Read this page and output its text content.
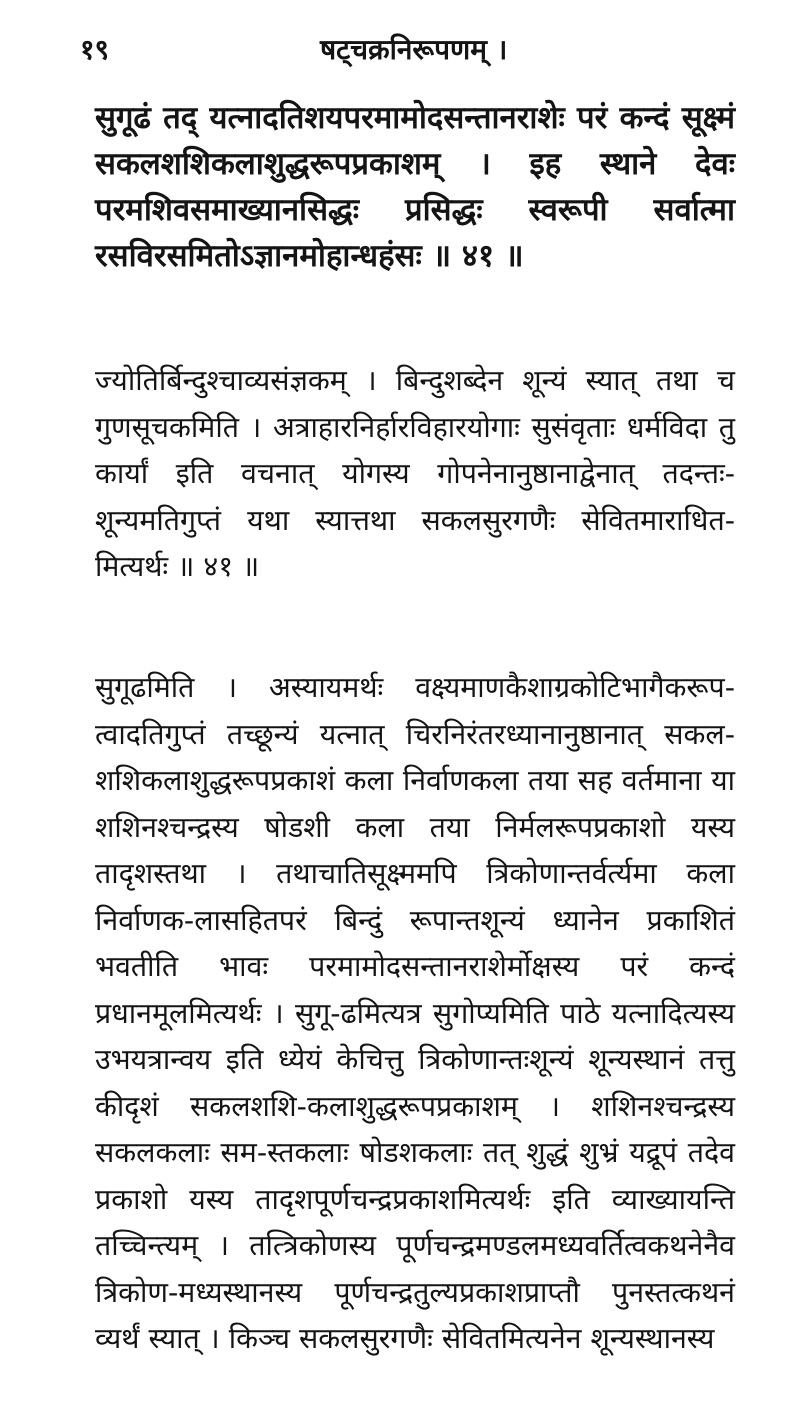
१९	षट्चक्रनिरूपणम् ।

सुगूढं तद् यत्नादतिशयपरमामोदसन्तानराशेः परं कन्दं सूक्ष्मं सकलशशिकलाशुद्धरूपप्रकाशम् । इह स्थाने देवः परमशिवसमाख्यानसिद्धः प्रसिद्धः स्वरूपी सर्वात्मा रसविरसमितोऽज्ञानमोहान्धहंसः ॥ ४१ ॥

ज्योतिर्बिन्दुश्चाव्यसंज्ञकम् । बिन्दुशब्देन शून्यं स्यात् तथा च गुणसूचकमिति । अत्राहारनिर्हारविहारयोगाः सुसंवृताः धर्मविदा तु कार्यां इति वचनात् योगस्य गोपनेनानुष्ठानाद्वेनात् तदन्तः-शून्यमतिगुप्तं यथा स्यात्तथा सकलसुरगणैः सेवितमाराधित-मित्यर्थः ॥ ४१ ॥

सुगूढमिति । अस्यायमर्थः वक्ष्यमाणकैशाग्रकोटिभागैकरूप-त्वादतिगुप्तं तच्छून्यं यत्नात् चिरनिरंतरध्यानानुष्ठानात् सकल-शशिकलाशुद्धरूपप्रकाशं कला निर्वाणकला तया सह वर्तमाना या शशिनश्चन्द्रस्य षोडशी कला तया निर्मलरूपप्रकाशो यस्य तादृशस्तथा । तथाचातिसूक्ष्ममपि त्रिकोणान्तर्वर्त्यमा कला निर्वाणक-लासहितपरं बिन्दुं रूपान्तशून्यं ध्यानेन प्रकाशितं भवतीति भावः परमामोदसन्तानराशेर्मोक्षस्य परं कन्दं प्रधानमूलमित्यर्थः । सुगू-ढमित्यत्र सुगोप्यमिति पाठे यत्नादित्यस्य उभयत्रान्वय इति ध्येयं केचित्तु त्रिकोणान्तःशून्यं शून्यस्थानं तत्तु कीदृशं सकलशशि-कलाशुद्धरूपप्रकाशम् । शशिनश्चन्द्रस्य सकलकलाः सम-स्तकलाः षोडशकलाः तत् शुद्धं शुभ्रं यद्रूपं तदेव प्रकाशो यस्य तादृशपूर्णचन्द्रप्रकाशमित्यर्थः इति व्याख्यायन्ति तच्चिन्त्यम् । तत्त्रिकोणस्य पूर्णचन्द्रमण्डलमध्यवर्तित्वकथनेनैव त्रिकोण-मध्यस्थानस्य पूर्णचन्द्रतुल्यप्रकाशप्राप्तौ पुनस्तत्कथनं व्यर्थं स्यात् । किञ्च सकलसुरगणैः सेवितमित्यनेन शून्यस्थानस्य
